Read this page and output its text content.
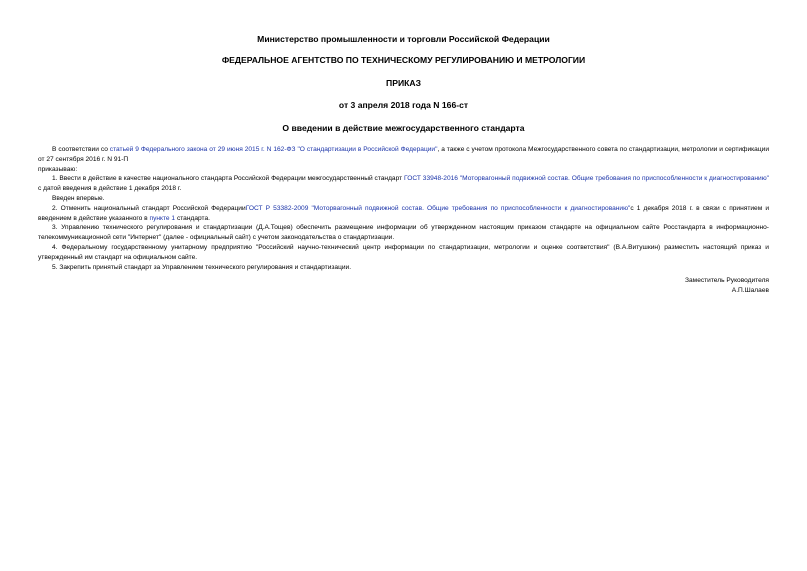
Министерство промышленности и торговли Российской Федерации
ФЕДЕРАЛЬНОЕ АГЕНТСТВО ПО ТЕХНИЧЕСКОМУ РЕГУЛИРОВАНИЮ И МЕТРОЛОГИИ
ПРИКАЗ
от 3 апреля 2018 года N 166-ст
О введении в действие межгосударственного стандарта

В соответствии со статьей 9 Федерального закона от 29 июня 2015 г. N 162-ФЗ "О стандартизации в Российской Федерации", а также с учетом протокола Межгосударственного совета по стандартизации, метрологии и сертификации от 27 сентября 2016 г. N 91-П

приказываю:

1. Ввести в действие в качестве национального стандарта Российской Федерации межгосударственный стандарт ГОСТ 33948-2016 "Моторвагонный подвижной состав. Общие требования по приспособленности к диагностированию" с датой введения в действие 1 декабря 2018 г.

Введен впервые.

2. Отменить национальный стандарт Российской ФедерацииГОСТ Р 53382-2009 "Моторвагонный подвижной состав. Общие требования по приспособленности к диагностированию"с 1 декабря 2018 г. в связи с принятием и введением в действие указанного в пункте 1 стандарта.

3. Управлению технического регулирования и стандартизации (Д.А.Тощев) обеспечить размещение информации об утвержденном настоящим приказом стандарте на официальном сайте Росстандарта в информационно-телекоммуникационной сети "Интернет" (далее - официальный сайт) с учетом законодательства о стандартизации.

4. Федеральному государственному унитарному предприятию "Российский научно-технический центр информации по стандартизации, метрологии и оценке соответствия" (В.А.Витушкин) разместить настоящий приказ и утвержденный им стандарт на официальном сайте.

5. Закрепить принятый стандарт за Управлением технического регулирования и стандартизации.

Заместитель Руководителя
А.П.Шалаев
